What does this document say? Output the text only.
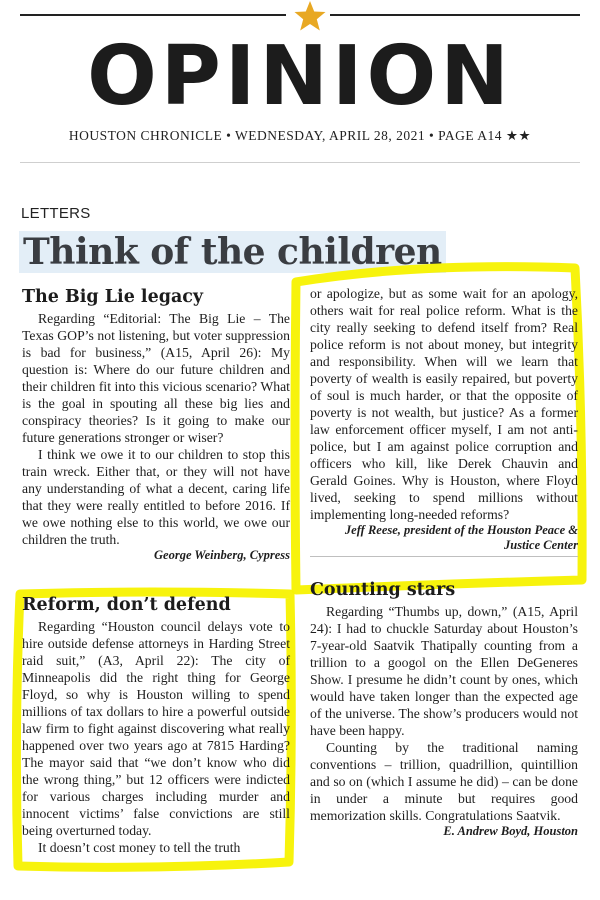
OPINION
HOUSTON CHRONICLE • WEDNESDAY, APRIL 28, 2021 • PAGE A14 ★★
LETTERS
Think of the children
The Big Lie legacy

Regarding “Editorial: The Big Lie – The Texas GOP’s not listening, but voter suppression is bad for business,” (A15, April 26): My question is: Where do our future children and their children fit into this vicious scenario? What is the goal in spouting all these big lies and conspiracy theories? Is it going to make our future generations stronger or wiser?

I think we owe it to our children to stop this train wreck. Either that, or they will not have any understanding of what a decent, caring life that they were really entitled to before 2016. If we owe nothing else to this world, we owe our children the truth.

George Weinberg, Cypress
Reform, don’t defend

Regarding “Houston council delays vote to hire outside defense attorneys in Harding Street raid suit,” (A3, April 22): The city of Minneapolis did the right thing for George Floyd, so why is Houston willing to spend millions of tax dollars to hire a powerful outside law firm to fight against discovering what really happened over two years ago at 7815 Harding? The mayor said that “we don’t know who did the wrong thing,” but 12 officers were indicted for various charges including murder and innocent victims’ false convictions are still being overturned today.

It doesn’t cost money to tell the truth

or apologize, but as some wait for an apology, others wait for real police reform. What is the city really seeking to defend itself from? Real police reform is not about money, but integrity and responsibility. When will we learn that poverty of wealth is easily repaired, but poverty of soul is much harder, or that the opposite of poverty is not wealth, but justice? As a former law enforcement officer myself, I am not anti-police, but I am against police corruption and officers who kill, like Derek Chauvin and Gerald Goines. Why is Houston, where Floyd lived, seeking to spend millions without implementing long-needed reforms?

Jeff Reese, president of the Houston Peace & Justice Center
Counting stars

Regarding “Thumbs up, down,” (A15, April 24): I had to chuckle Saturday about Houston’s 7-year-old Saatvik Thatipally counting from a trillion to a googol on the Ellen DeGeneres Show. I presume he didn’t count by ones, which would have taken longer than the expected age of the universe. The show’s producers would not have been happy.

Counting by the traditional naming conventions – trillion, quadrillion, quintillion and so on (which I assume he did) – can be done in under a minute but requires good memorization skills. Congratulations Saatvik.

E. Andrew Boyd, Houston
